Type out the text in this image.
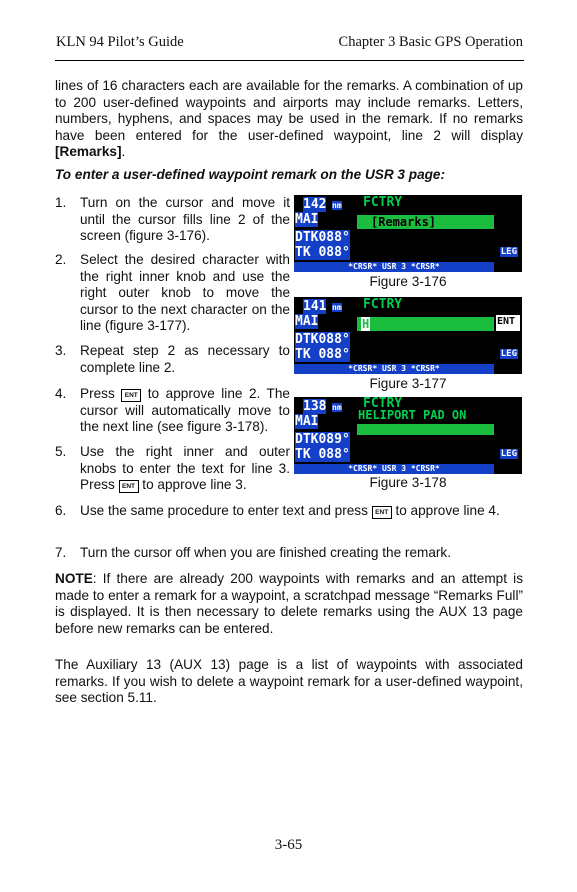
KLN 94 Pilot’s Guide	Chapter 3 Basic GPS Operation
lines of 16 characters each are available for the remarks. A combination of up to 200 user-defined waypoints and airports may include remarks. Letters, numbers, hyphens, and spaces may be used in the remark. If no remarks have been entered for the user-defined waypoint, line 2 will display [Remarks].
To enter a user-defined waypoint remark on the USR 3 page:
1.	Turn on the cursor and move it until the cursor fills line 2 of the screen (figure 3-176).
2.	Select the desired character with the right inner knob and use the right outer knob to move the cursor to the next character on the line (figure 3-177).
3.	Repeat step 2 as necessary to complete line 2.
4.	Press ENT to approve line 2. The cursor will automatically move to the next line (see figure 3-178).
5.	Use the right inner and outer knobs to enter the text for line 3. Press ENT to approve line 3.
142 nm
MAI
DTK088°
TK 088°
FCTRY
[Remarks]
*CRSR* USR 3 *CRSR*
LEG
Figure 3-176
141 nm
MAI
DTK088°
TK 088°
FCTRY
H	ENT
*CRSR* USR 3 *CRSR*
LEG
Figure 3-177
138 nm
MAI
DTK089°
TK 088°
FCTRY
HELIPORT PAD ON
*CRSR* USR 3 *CRSR*
LEG
Figure 3-178
6.	Use the same procedure to enter text and press ENT to approve line 4.
7.	Turn the cursor off when you are finished creating the remark.
NOTE: If there are already 200 waypoints with remarks and an attempt is made to enter a remark for a waypoint, a scratchpad message “Remarks Full” is displayed. It is then necessary to delete remarks using the AUX 13 page before new remarks can be entered.
The Auxiliary 13 (AUX 13) page is a list of waypoints with associated remarks. If you wish to delete a waypoint remark for a user-defined waypoint, see section 5.11.
3-65
